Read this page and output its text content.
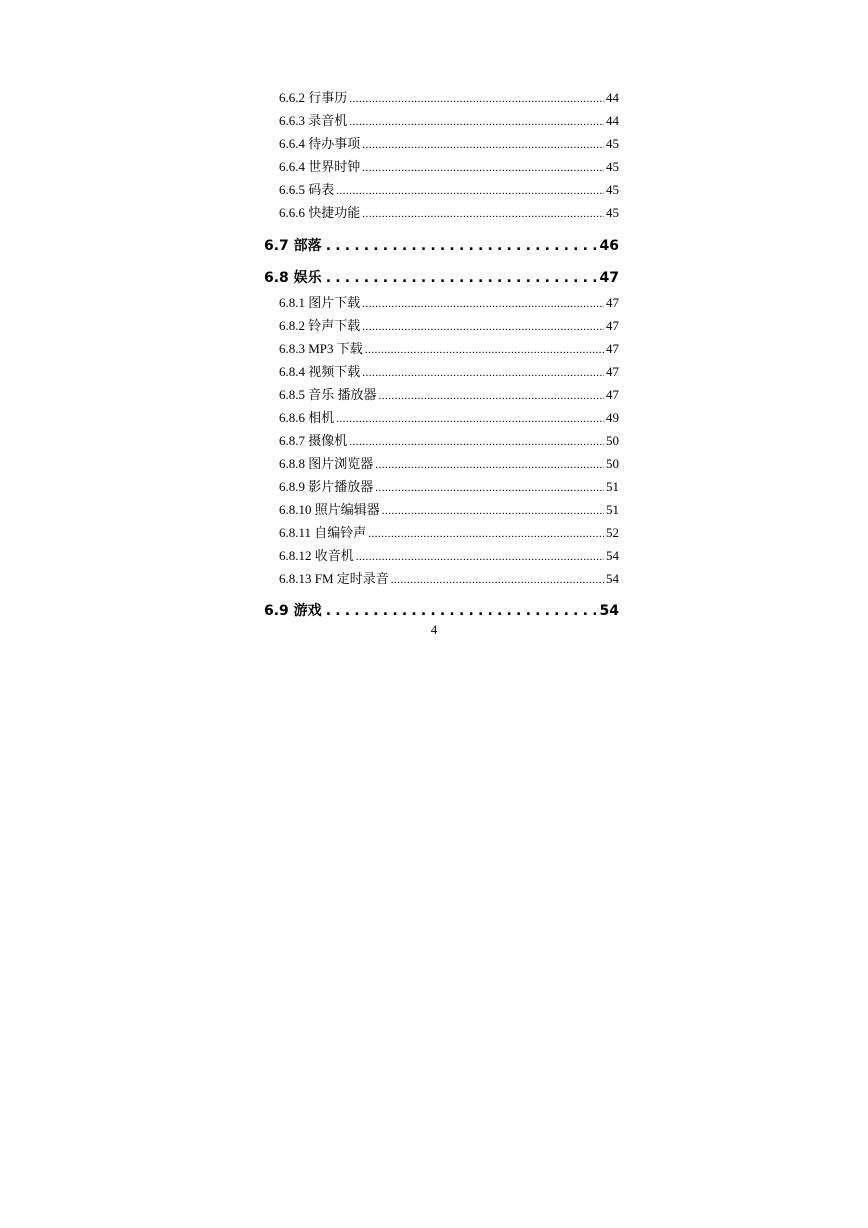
6.6.2 行事历 .....	44
6.6.3 录音机 .....	44
6.6.4 待办事项 .....	45
6.6.4 世界时钟 .....	45
6.6.5 码表 .....	45
6.6.6 快捷功能 .....	45
6.7 部落 .....	46
6.8 娱乐 .....	47
6.8.1 图片下载 .....	47
6.8.2 铃声下载 .....	47
6.8.3 MP3 下载 .....	47
6.8.4 视频下载 .....	47
6.8.5 音乐 播放器 .....	47
6.8.6 相机 .....	49
6.8.7 摄像机 .....	50
6.8.8 图片浏览器 .....	50
6.8.9 影片播放器 .....	51
6.8.10 照片编辑器 .....	51
6.8.11 自编铃声 .....	52
6.8.12 收音机 .....	54
6.8.13 FM 定时录音 .....	54
6.9 游戏 .....	54
4
